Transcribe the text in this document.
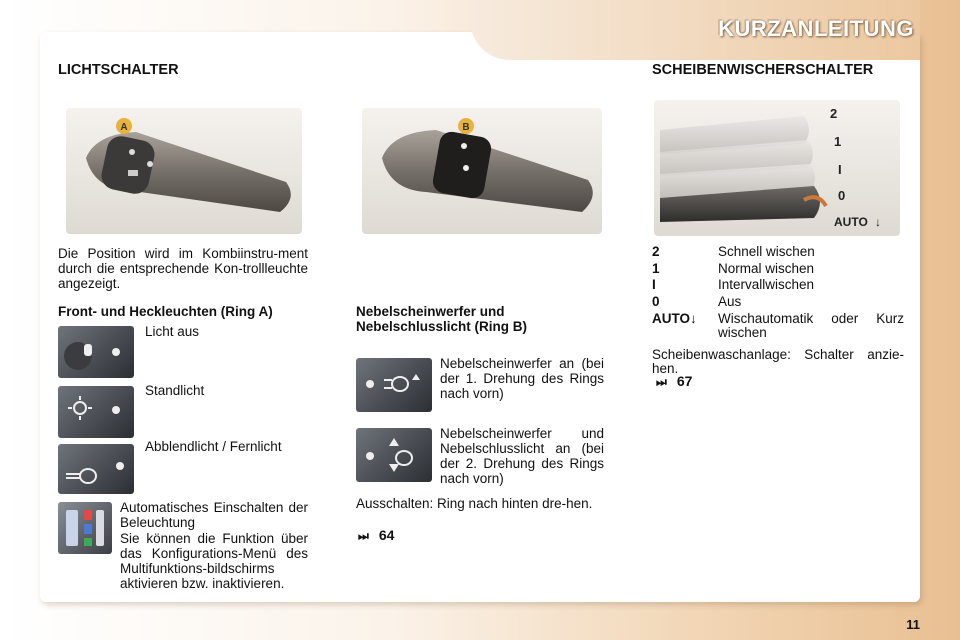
KURZANLEITUNG
LICHTSCHALTER
A	B
Die Position wird im Kombiinstru-ment durch die entsprechende Kon-trollleuchte angezeigt.
Front- und Heckleuchten (Ring A)
Licht aus
Standlicht
Abblendlicht / Fernlicht
Automatisches Einschalten der Beleuchtung
Sie können die Funktion über das Konfigurations-Menü des Multifunktions-bildschirms aktivieren bzw. inaktivieren.
Nebelscheinwerfer und Nebelschlusslicht (Ring B)
Nebelscheinwerfer an (bei der 1. Drehung des Rings nach vorn)
Nebelscheinwerfer und Nebelschlusslicht an (bei der 2. Drehung des Rings nach vorn)
Ausschalten: Ring nach hinten dre-hen.
⏭ 64
SCHEIBENWISCHERSCHALTER
2
1
I
0
AUTO ↓
2	Schnell wischen
1	Normal wischen
I	Intervallwischen
0	Aus
AUTO↓	Wischautomatik oder Kurz wischen
Scheibenwaschanlage: Schalter anzie-hen.
⏭ 67
11
